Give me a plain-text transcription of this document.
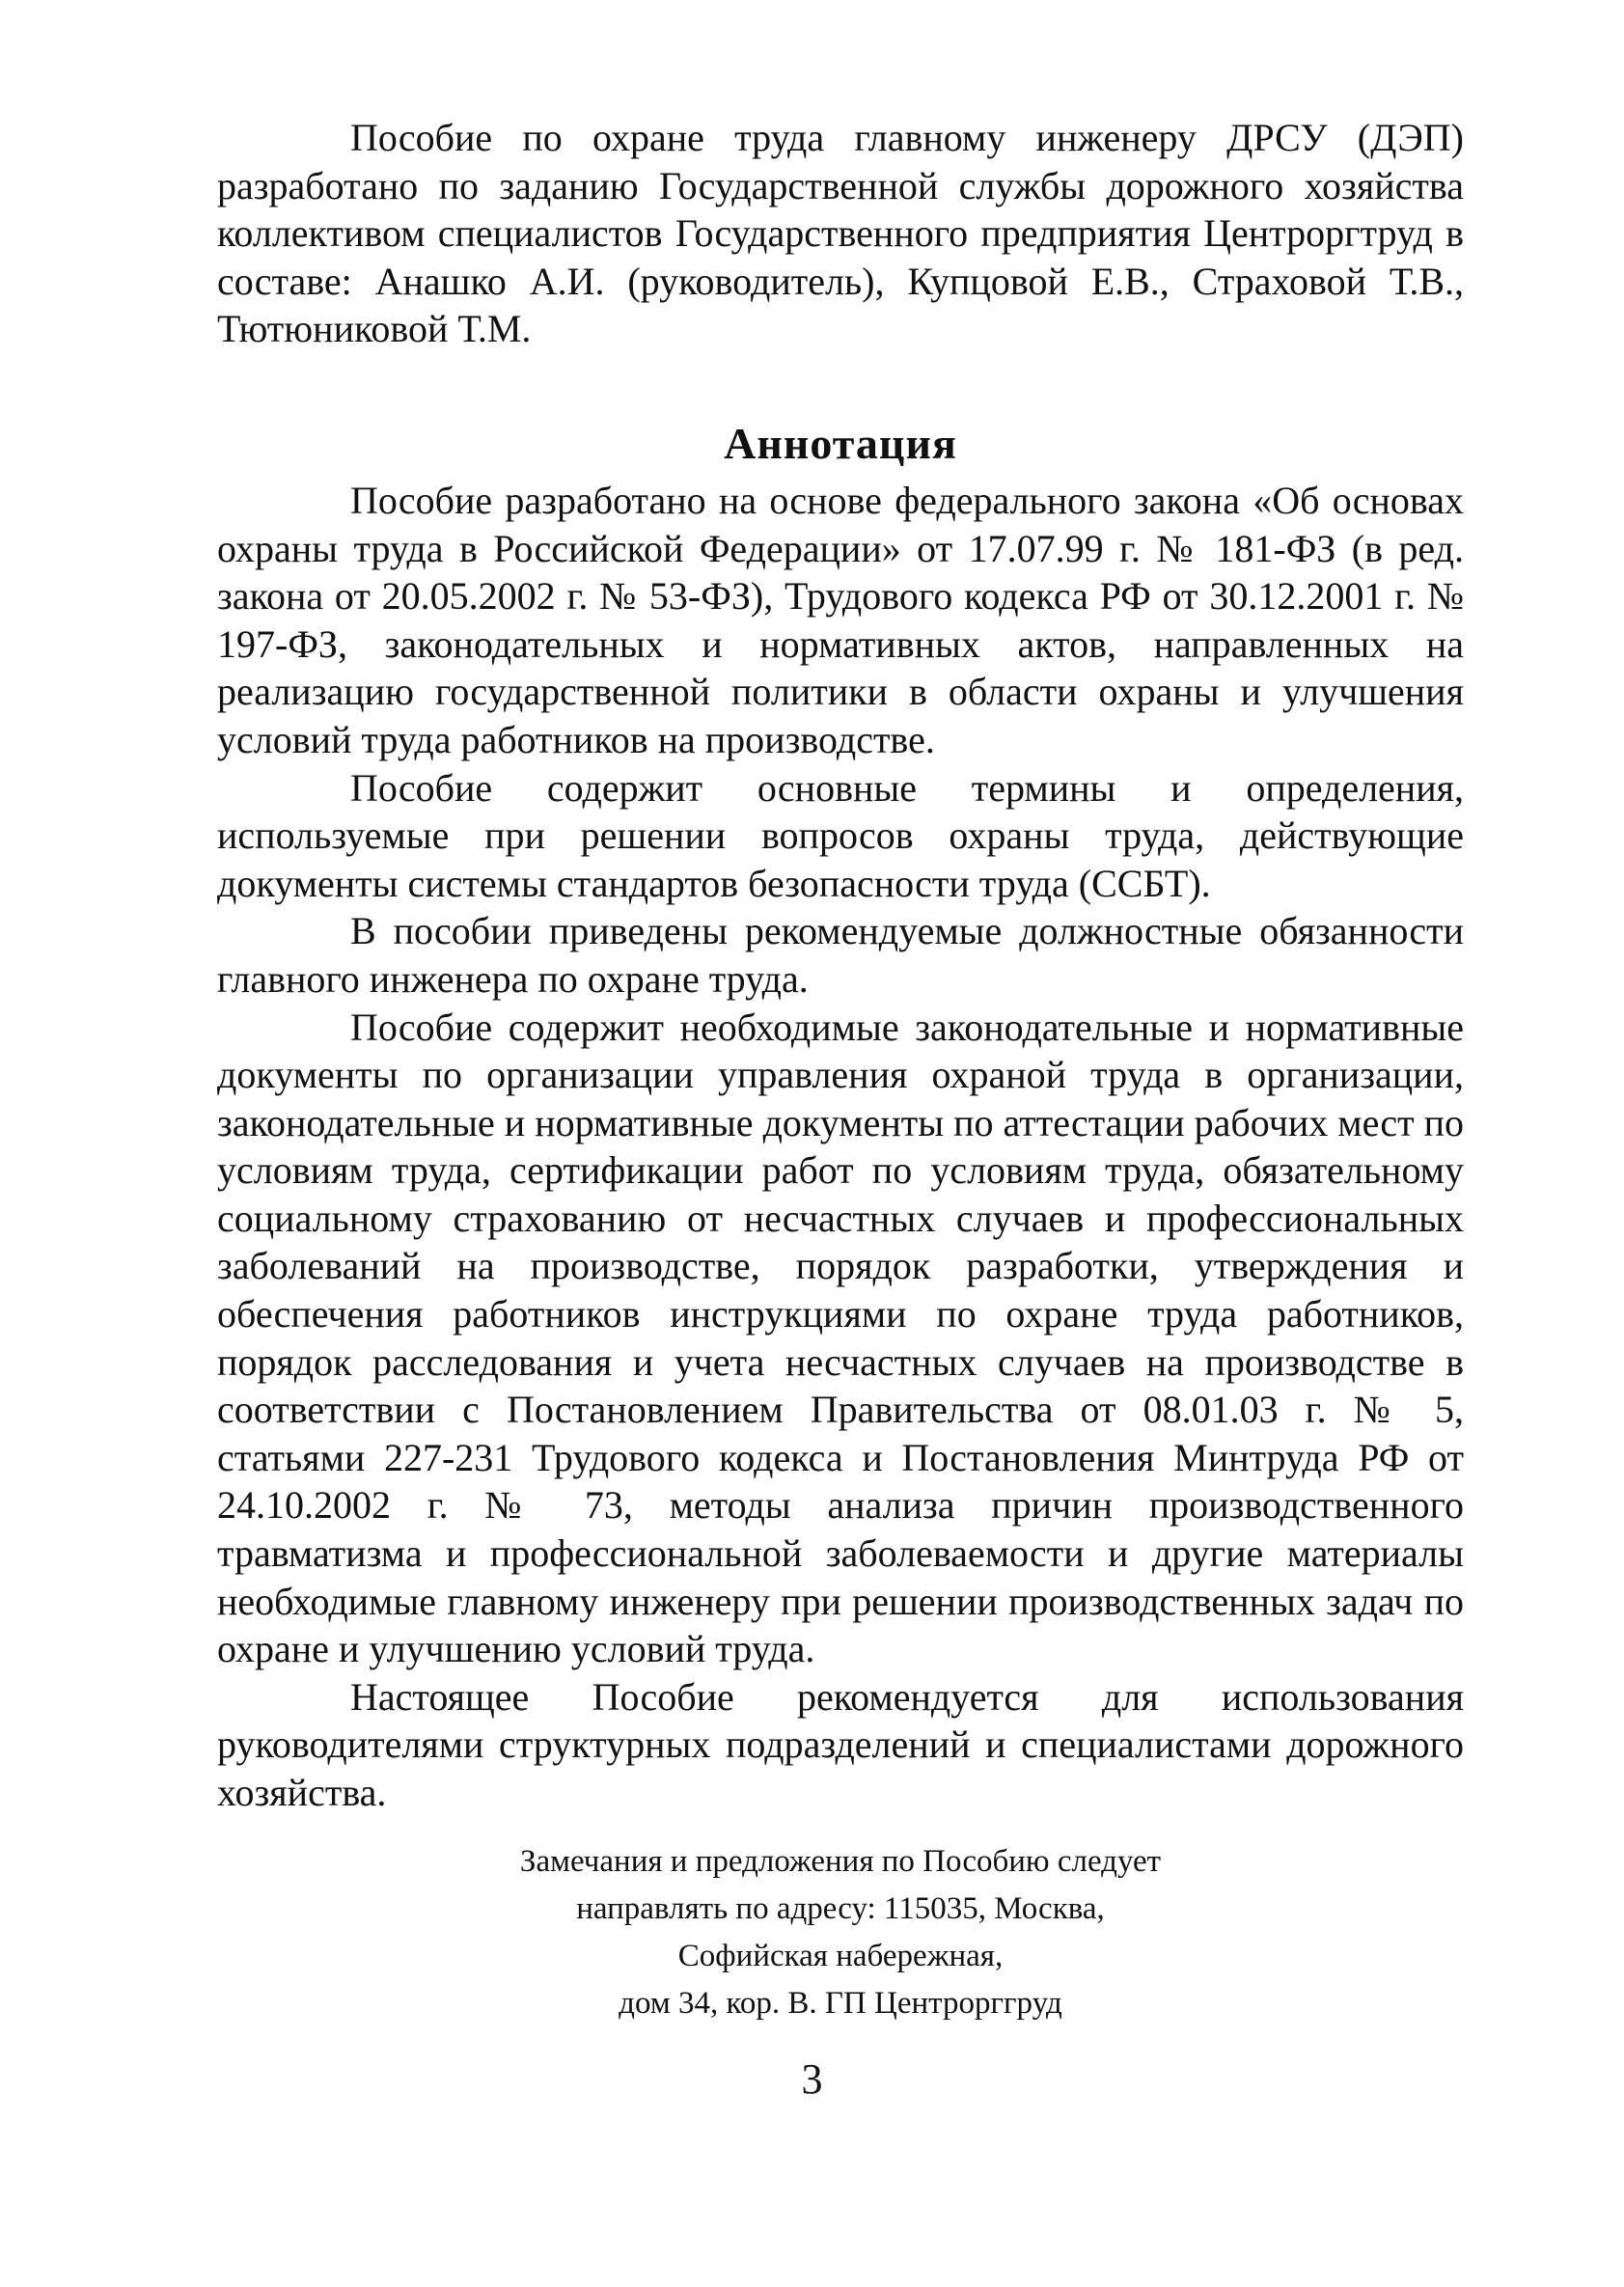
Пособие по охране труда главному инженеру ДРСУ (ДЭП) разработано по заданию Государственной службы дорожного хозяйства коллективом специалистов Государственного предприятия Центроpгтруд в составе: Анашко А.И. (руководитель), Купцовой Е.В., Страховой Т.В., Тютюниковой Т.М.

Аннотация

Пособие разработано на основе федерального закона «Об основах охраны труда в Российской Федерации» от 17.07.99 г. № 181-ФЗ (в ред. закона от 20.05.2002 г. № 53-ФЗ), Трудового кодекса РФ от 30.12.2001 г. № 197-ФЗ, законодательных и нормативных актов, направленных на реализацию государственной политики в области охраны и улучшения условий труда работников на производстве.

Пособие содержит основные термины и определения, используемые при решении вопросов охраны труда, действующие документы системы стандартов безопасности труда (ССБТ).

В пособии приведены рекомендуемые должностные обязанности главного инженера по охране труда.

Пособие содержит необходимые законодательные и нормативные документы по организации управления охраной труда в организации, законодательные и нормативные документы по аттестации рабочих мест по условиям труда, сертификации работ по условиям труда, обязательному социальному страхованию от несчастных случаев и профессиональных заболеваний на производстве, порядок разработки, утверждения и обеспечения работников инструкциями по охране труда работников, порядок расследования и учета несчастных случаев на производстве в соответствии с Постановлением Правительства от 08.01.03 г. № 5, статьями 227-231 Трудового кодекса и Постановления Минтруда РФ от 24.10.2002 г. № 73, методы анализа причин производственного травматизма и профессиональной заболеваемости и другие материалы необходимые главному инженеру при решении производственных задач по охране и улучшению условий труда.

Настоящее Пособие рекомендуется для использования руководителями структурных подразделений и специалистами дорожного хозяйства.

Замечания и предложения по Пособию следует
направлять по адресу: 115035, Москва,
Софийская набережная,
дом 34, кор. В. ГП Центрорггруд
3
